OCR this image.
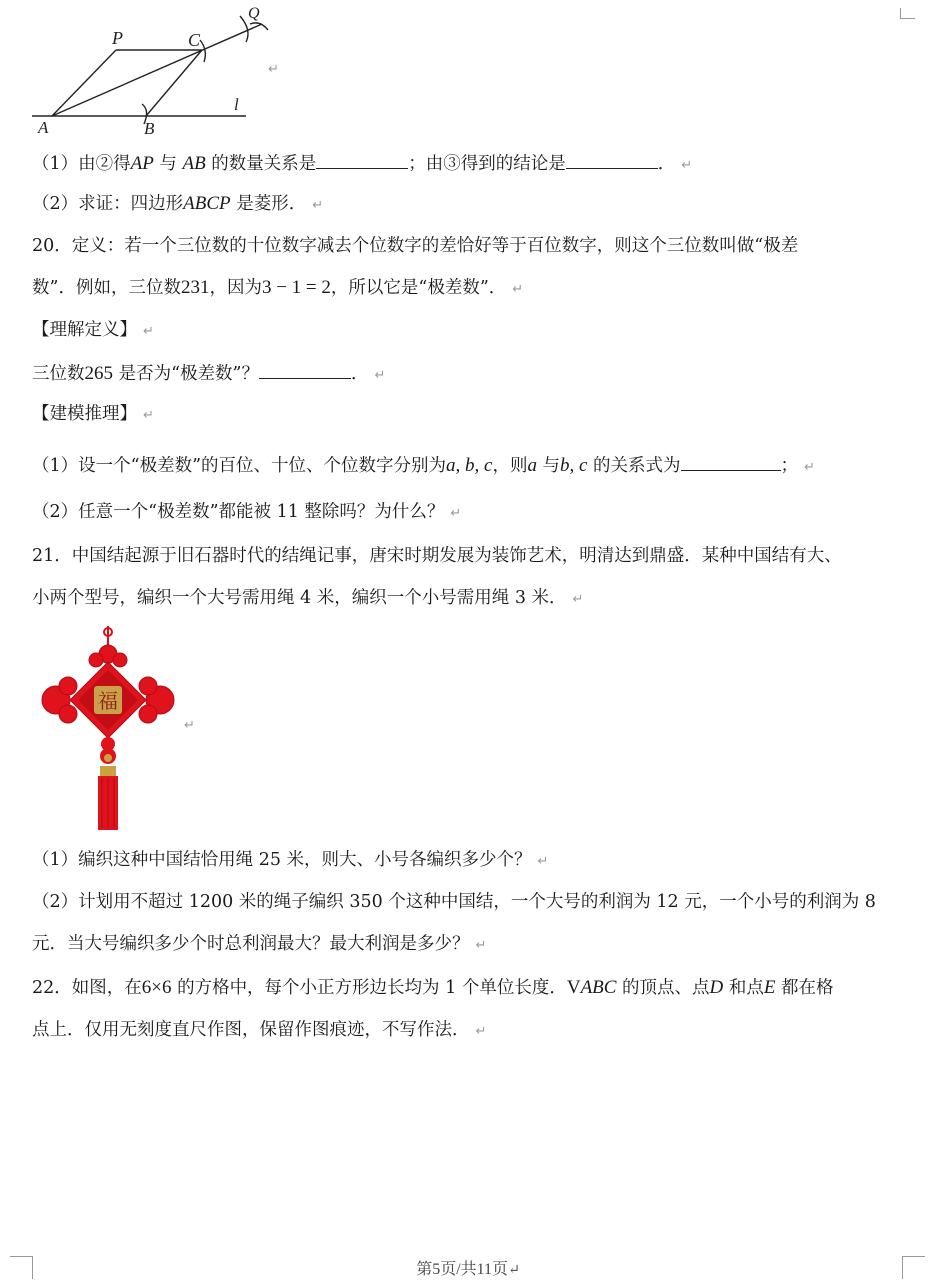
P	C
Q
A	B
l
↵
（1）由②得AP 与 AB 的数量关系是	；由③得到的结论是	． ↵
（2）求证：四边形ABCP 是菱形． ↵
20．定义：若一个三位数的十位数字减去个位数字的差恰好等于百位数字，则这个三位数叫做“极差
数”．例如，三位数231，因为3 − 1 = 2，所以它是“极差数”． ↵
【理解定义】 ↵
三位数265 是否为“极差数”？	． ↵
【建模推理】 ↵
（1）设一个“极差数”的百位、十位、个位数字分别为a, b, c，则a 与b, c 的关系式为	； ↵
（2）任意一个“极差数”都能被 11 整除吗？为什么？ ↵
21．中国结起源于旧石器时代的结绳记事，唐宋时期发展为装饰艺术，明清达到鼎盛．某种中国结有大、
小两个型号，编织一个大号需用绳 4 米，编织一个小号需用绳 3 米． ↵
福
↵
（1）编织这种中国结恰用绳 25 米，则大、小号各编织多少个？ ↵
（2）计划用不超过 1200 米的绳子编织 350 个这种中国结，一个大号的利润为 12 元，一个小号的利润为 8
元．当大号编织多少个时总利润最大？最大利润是多少？ ↵
22．如图，在6×6 的方格中，每个小正方形边长均为 1 个单位长度．VABC 的顶点、点D 和点E 都在格
点上．仅用无刻度直尺作图，保留作图痕迹，不写作法． ↵
第5页/共11页↵
